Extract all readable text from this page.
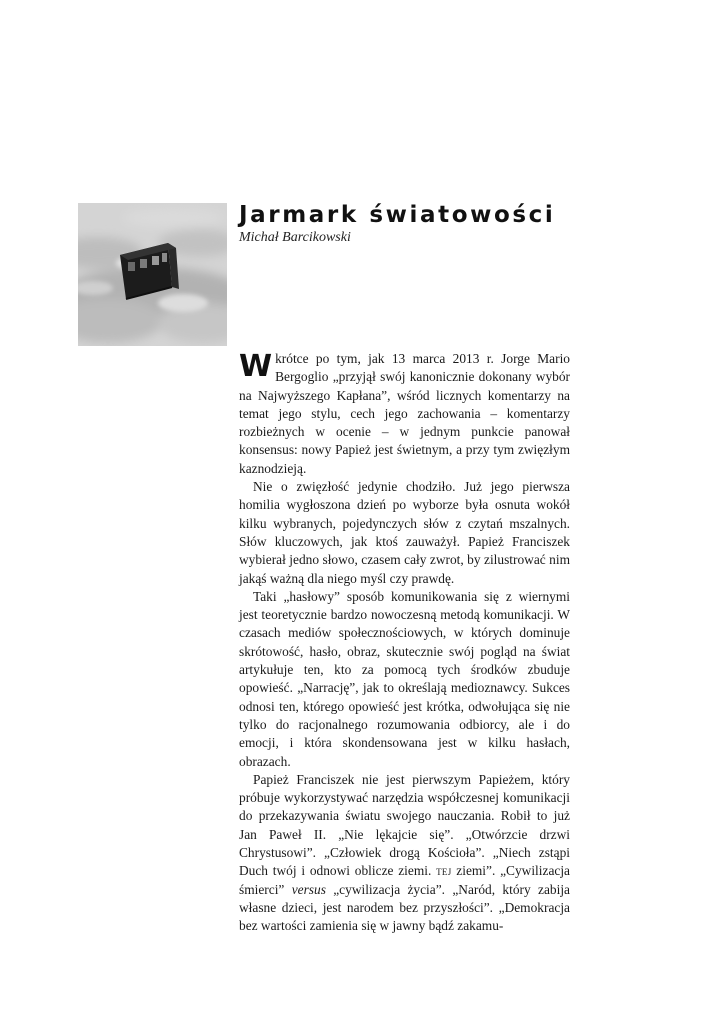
Jarmark światowości
Michał Barcikowski

Wkrótce po tym, jak 13 marca 2013 r. Jorge Mario Bergoglio „przyjął swój kanonicznie dokonany wybór na Najwyższego Kapłana”, wśród licznych komentarzy na temat jego stylu, cech jego zachowania – komentarzy rozbieżnych w ocenie – w jednym punkcie panował konsensus: nowy Papież jest świetnym, a przy tym zwięzłym kaznodzieją.

Nie o zwięzłość jedynie chodziło. Już jego pierwsza homilia wygłoszona dzień po wyborze była osnuta wokół kilku wybranych, pojedynczych słów z czytań mszalnych. Słów kluczowych, jak ktoś zauważył. Papież Franciszek wybierał jedno słowo, czasem cały zwrot, by zilustrować nim jakąś ważną dla niego myśl czy prawdę.

Taki „hasłowy” sposób komunikowania się z wiernymi jest teoretycznie bardzo nowoczesną metodą komunikacji. W czasach mediów społecznościowych, w których dominuje skrótowość, hasło, obraz, skutecznie swój pogląd na świat artykułuje ten, kto za pomocą tych środków zbuduje opowieść. „Narrację”, jak to określają medioznawcy. Sukces odnosi ten, którego opowieść jest krótka, odwołująca się nie tylko do racjonalnego rozumowania odbiorcy, ale i do emocji, i która skondensowana jest w kilku hasłach, obrazach.

Papież Franciszek nie jest pierwszym Papieżem, który próbuje wykorzystywać narzędzia współczesnej komunikacji do przekazywania światu swojego nauczania. Robił to już Jan Paweł II. „Nie lękajcie się”. „Otwórzcie drzwi Chrystusowi”. „Człowiek drogą Kościoła”. „Niech zstąpi Duch twój i odnowi oblicze ziemi. tej ziemi”. „Cywilizacja śmierci” versus „cywilizacja życia”. „Naród, który zabija własne dzieci, jest narodem bez przyszłości”. „Demokracja bez wartości zamienia się w jawny bądź zakamu-
